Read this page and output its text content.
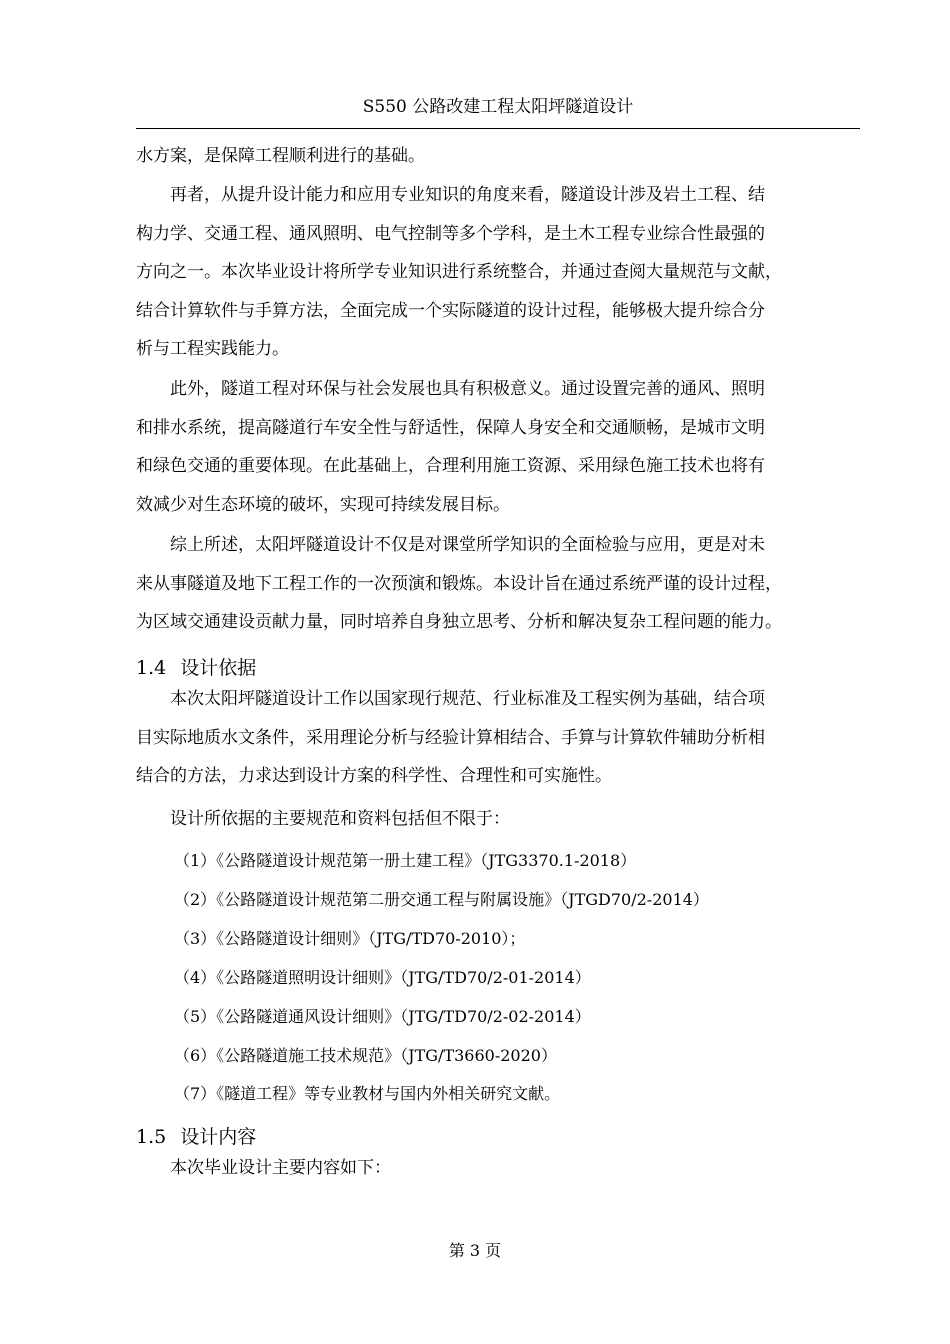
S550 公路改建工程太阳坪隧道设计
水方案，是保障工程顺利进行的基础。
　　再者，从提升设计能力和应用专业知识的角度来看，隧道设计涉及岩土工程、结
构力学、交通工程、通风照明、电气控制等多个学科，是土木工程专业综合性最强的
方向之一。本次毕业设计将所学专业知识进行系统整合，并通过查阅大量规范与文献，
结合计算软件与手算方法，全面完成一个实际隧道的设计过程，能够极大提升综合分
析与工程实践能力。
　　此外，隧道工程对环保与社会发展也具有积极意义。通过设置完善的通风、照明
和排水系统，提高隧道行车安全性与舒适性，保障人身安全和交通顺畅，是城市文明
和绿色交通的重要体现。在此基础上，合理利用施工资源、采用绿色施工技术也将有
效减少对生态环境的破坏，实现可持续发展目标。
　　综上所述，太阳坪隧道设计不仅是对课堂所学知识的全面检验与应用，更是对未
来从事隧道及地下工程工作的一次预演和锻炼。本设计旨在通过系统严谨的设计过程，
为区域交通建设贡献力量，同时培养自身独立思考、分析和解决复杂工程问题的能力。
1.4 设计依据
　　本次太阳坪隧道设计工作以国家现行规范、行业标准及工程实例为基础，结合项
目实际地质水文条件，采用理论分析与经验计算相结合、手算与计算软件辅助分析相
结合的方法，力求达到设计方案的科学性、合理性和可实施性。
　　设计所依据的主要规范和资料包括但不限于：
（1）《公路隧道设计规范第一册土建工程》（JTG3370.1-2018）
（2）《公路隧道设计规范第二册交通工程与附属设施》（JTGD70/2-2014）
（3）《公路隧道设计细则》（JTG/TD70-2010）；
（4）《公路隧道照明设计细则》（JTG/TD70/2-01-2014）
（5）《公路隧道通风设计细则》（JTG/TD70/2-02-2014）
（6）《公路隧道施工技术规范》（JTG/T3660-2020）
（7）《隧道工程》等专业教材与国内外相关研究文献。
1.5 设计内容
　　本次毕业设计主要内容如下：
第 3 页
